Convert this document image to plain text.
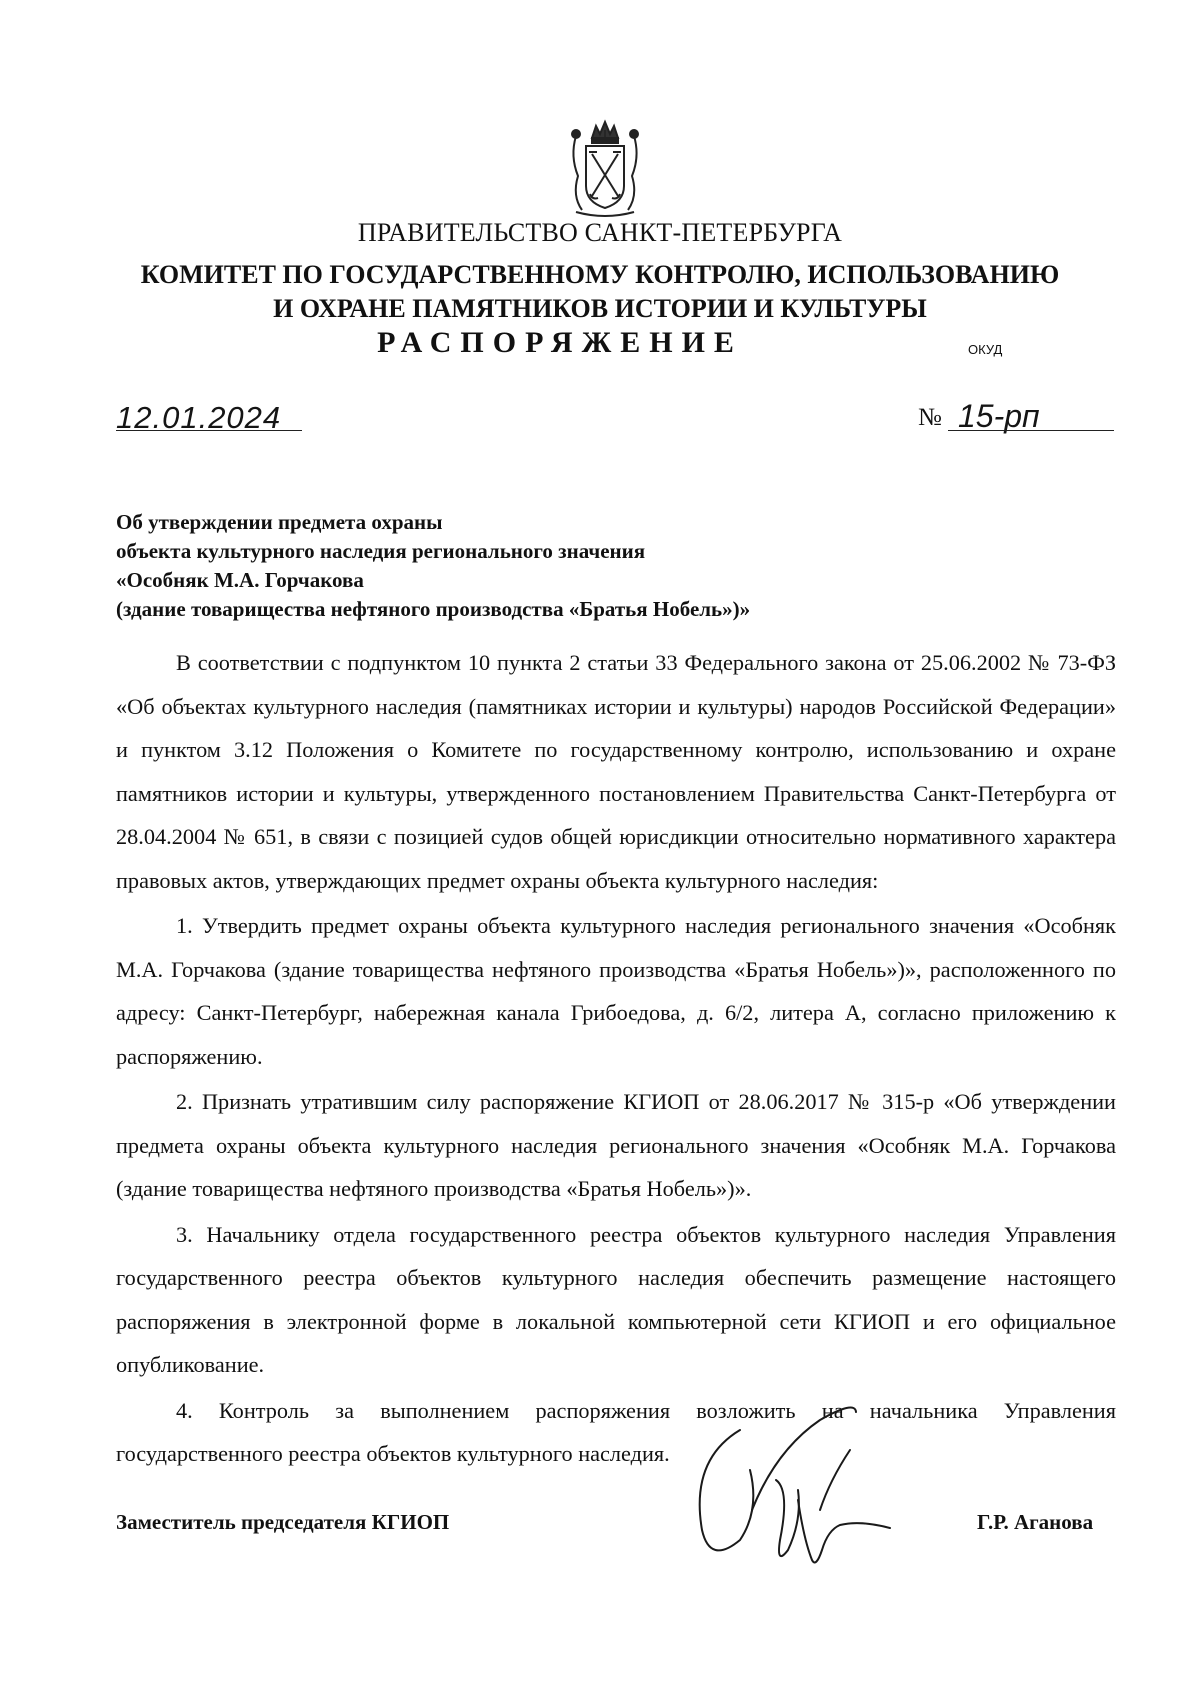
ПРАВИТЕЛЬСТВО САНКТ-ПЕТЕРБУРГА
КОМИТЕТ ПО ГОСУДАРСТВЕННОМУ КОНТРОЛЮ, ИСПОЛЬЗОВАНИЮ
И ОХРАНЕ ПАМЯТНИКОВ ИСТОРИИ И КУЛЬТУРЫ
РАСПОРЯЖЕНИЕ	ОКУД
12.01.2024	№ 15-рп
Об утверждении предмета охраны
объекта культурного наследия регионального значения
«Особняк М.А. Горчакова
(здание товарищества нефтяного производства «Братья Нобель»)»

В соответствии с подпунктом 10 пункта 2 статьи 33 Федерального закона от 25.06.2002 № 73-ФЗ «Об объектах культурного наследия (памятниках истории и культуры) народов Российской Федерации» и пунктом 3.12 Положения о Комитете по государственному контролю, использованию и охране памятников истории и культуры, утвержденного постановлением Правительства Санкт-Петербурга от 28.04.2004 № 651, в связи с позицией судов общей юрисдикции относительно нормативного характера правовых актов, утверждающих предмет охраны объекта культурного наследия:

1. Утвердить предмет охраны объекта культурного наследия регионального значения «Особняк М.А. Горчакова (здание товарищества нефтяного производства «Братья Нобель»)», расположенного по адресу: Санкт-Петербург, набережная канала Грибоедова, д. 6/2, литера А, согласно приложению к распоряжению.

2. Признать утратившим силу распоряжение КГИОП от 28.06.2017 № 315-р «Об утверждении предмета охраны объекта культурного наследия регионального значения «Особняк М.А. Горчакова (здание товарищества нефтяного производства «Братья Нобель»)».

3. Начальнику отдела государственного реестра объектов культурного наследия Управления государственного реестра объектов культурного наследия обеспечить размещение настоящего распоряжения в электронной форме в локальной компьютерной сети КГИОП и его официальное опубликование.

4. Контроль за выполнением распоряжения возложить на начальника Управления государственного реестра объектов культурного наследия.

Заместитель председателя КГИОП	Г.Р. Аганова
